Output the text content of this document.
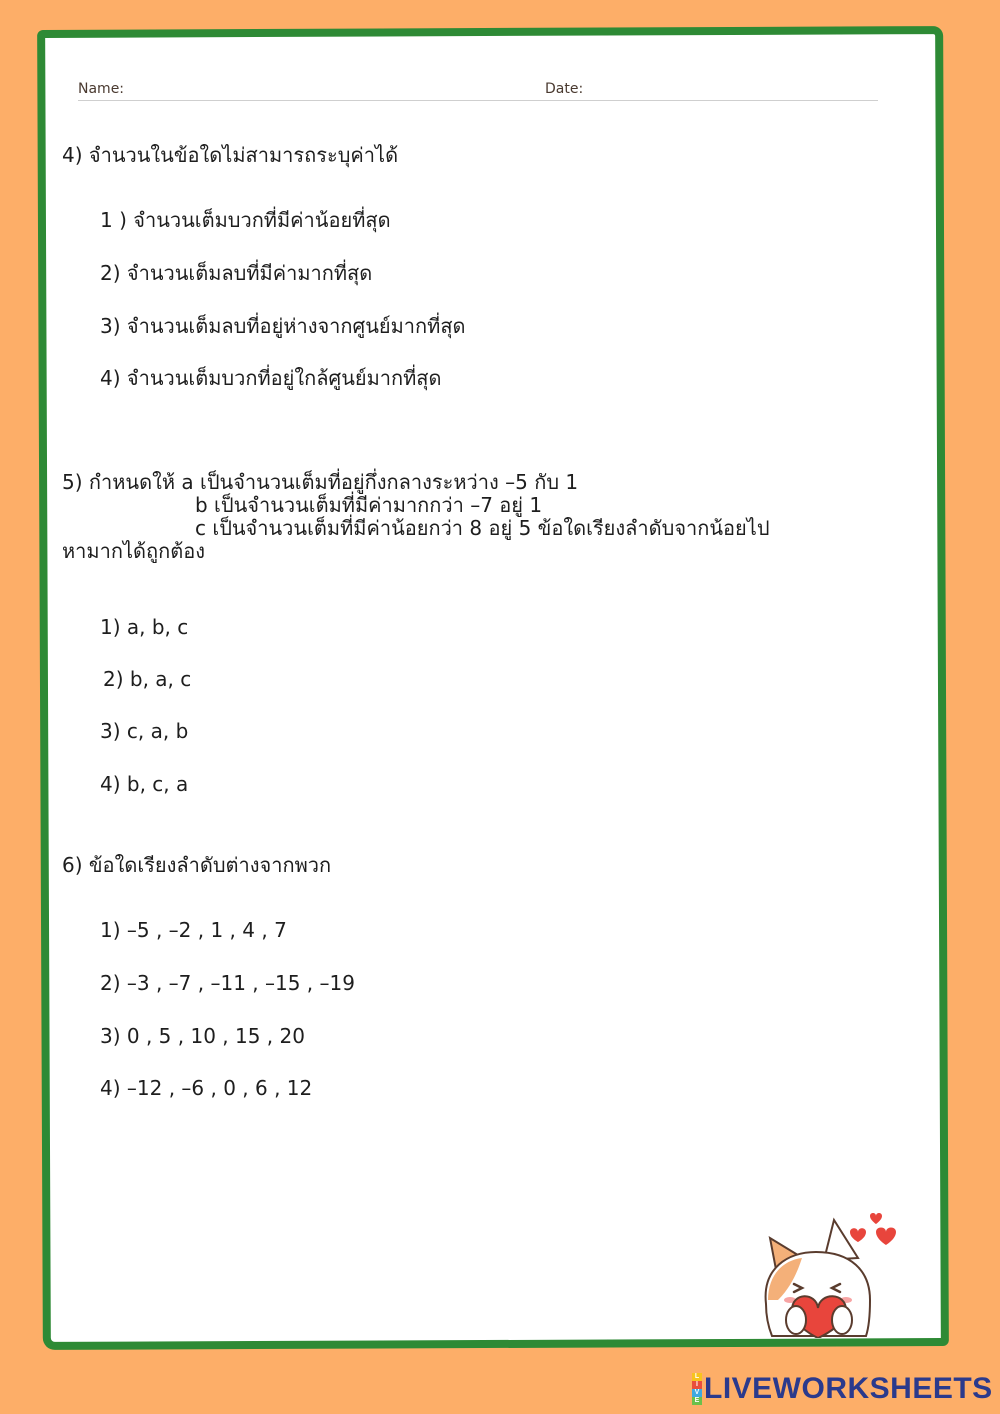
Name:	Date:
4) จำนวนในข้อใดไม่สามารถระบุค่าได้
1 ) จำนวนเต็มบวกที่มีค่าน้อยที่สุด
2) จำนวนเต็มลบที่มีค่ามากที่สุด
3) จำนวนเต็มลบที่อยู่ห่างจากศูนย์มากที่สุด
4) จำนวนเต็มบวกที่อยู่ใกล้ศูนย์มากที่สุด
5) กำหนดให้ a เป็นจำนวนเต็มที่อยู่กึ่งกลางระหว่าง –5 กับ 1
b เป็นจำนวนเต็มที่มีค่ามากกว่า –7 อยู่ 1
c เป็นจำนวนเต็มที่มีค่าน้อยกว่า 8 อยู่ 5 ข้อใดเรียงลำดับจากน้อยไป
หามากได้ถูกต้อง
1) a, b, c
2) b, a, c
3) c, a, b
4) b, c, a
6) ข้อใดเรียงลำดับต่างจากพวก
1) –5 , –2 , 1 , 4 , 7
2) –3 , –7 , –11 , –15 , –19
3) 0 , 5 , 10 , 15 , 20
4) –12 , –6 , 0 , 6 , 12
L
I
V
E LIVEWORKSHEETS
